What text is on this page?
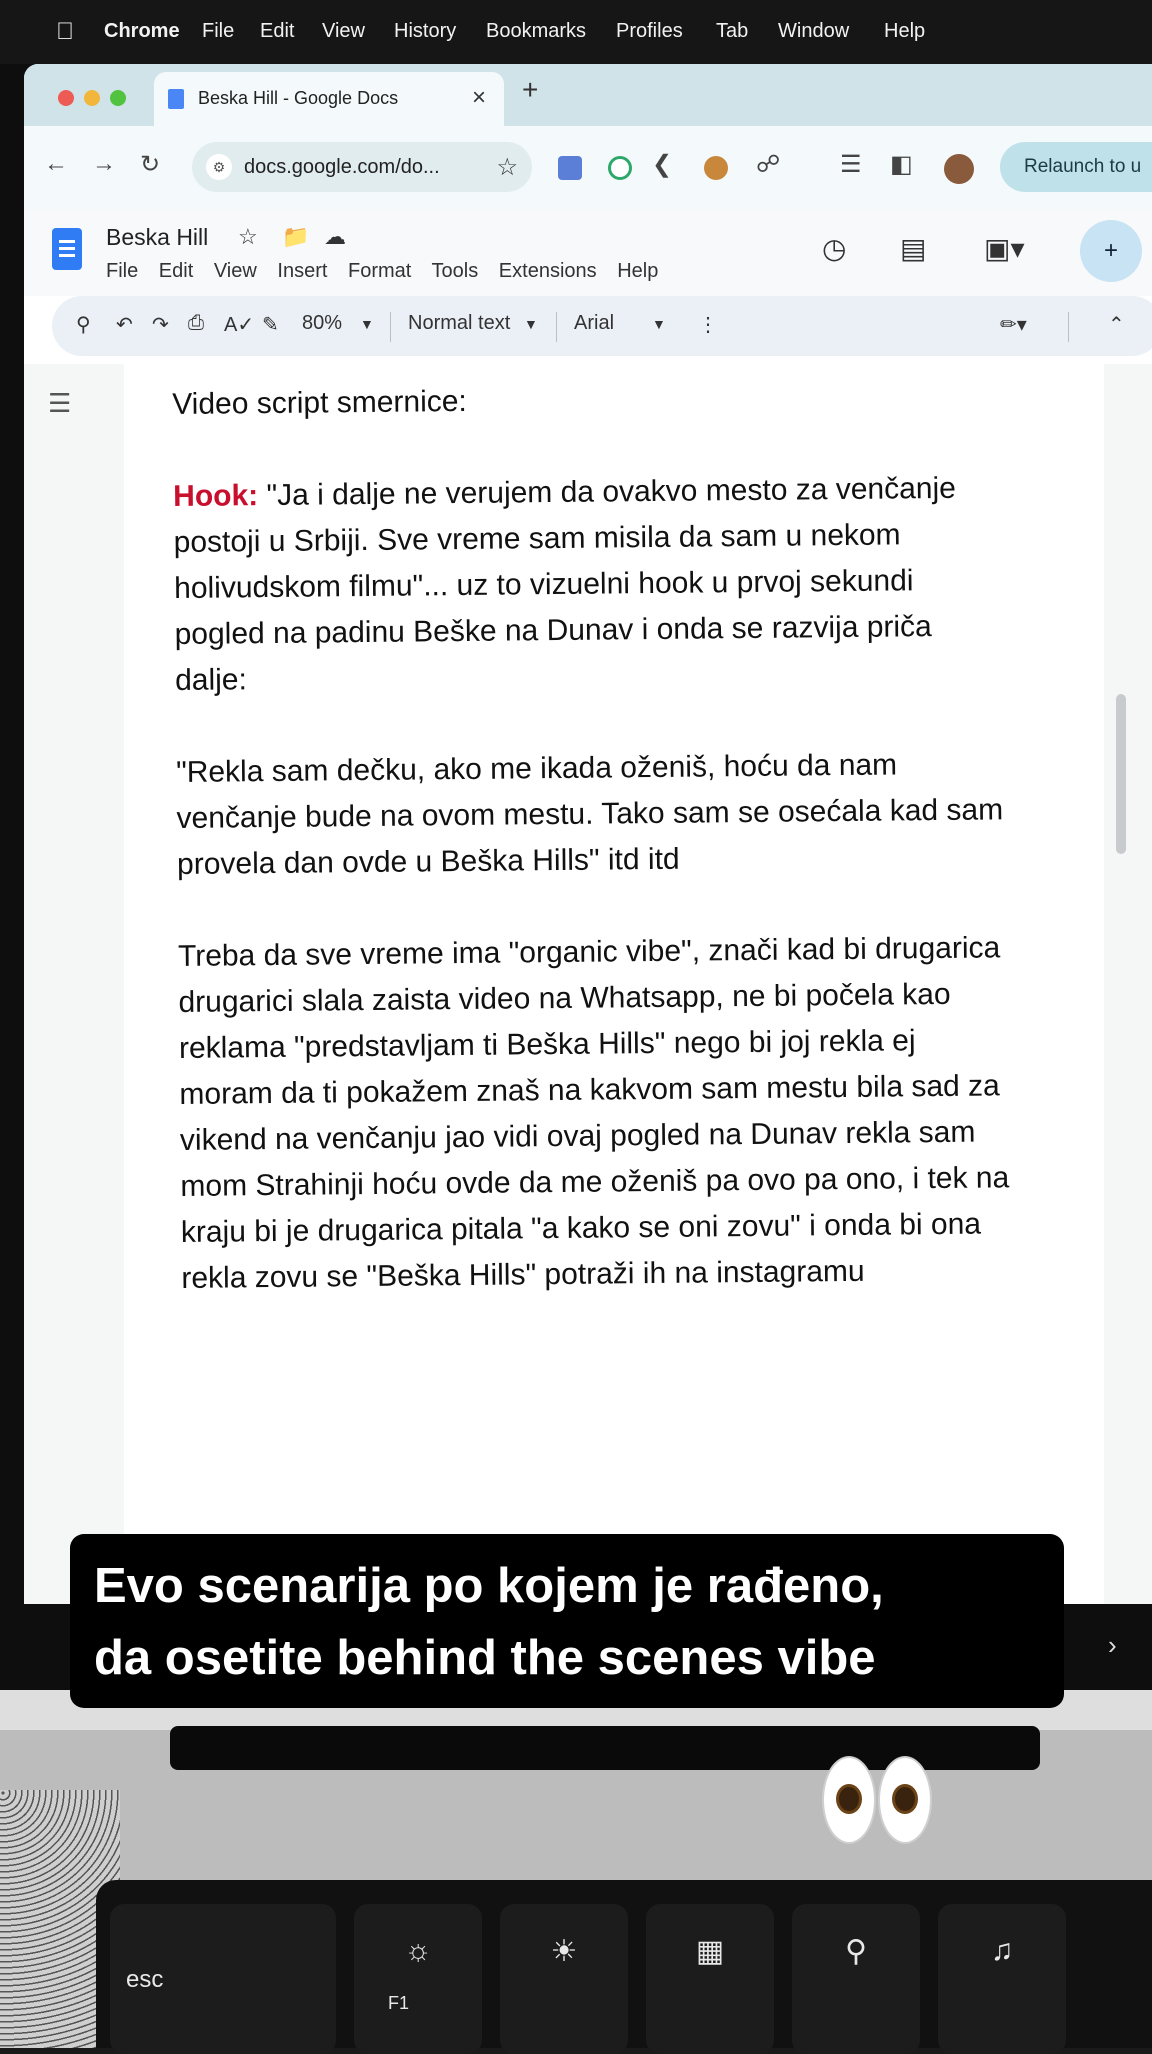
Chrome File Edit View History Bookmarks Profiles Tab Window Help
Beska Hill - Google Docs	× +
← → ↻	⚙ docs.google.com/do... ☆	❮	☍ ☰ ◧	Relaunch to u
Beska Hill ☆ 📁 ☁
File Edit View Insert Format Tools Extensions Help
◷ ▤ ▣▾	+
⚲ ↶ ↷ ⎙ A✓ ✎ 80% ▼ Normal text ▼ Arial	▼ ⋮	✏▾	⌃
☰	Video script smernice:

Hook: "Ja i dalje ne verujem da ovakvo mesto za venčanje postoji u Srbiji. Sve vreme sam misila da sam u nekom holivudskom filmu"... uz to vizuelni hook u prvoj sekundi pogled na padinu Beške na Dunav i onda se razvija priča dalje:

"Rekla sam dečku, ako me ikada oženiš, hoću da nam venčanje bude na ovom mestu. Tako sam se osećala kad sam provela dan ovde u Beška Hills" itd itd

Treba da sve vreme ima "organic vibe", znači kad bi drugarica drugarici slala zaista video na Whatsapp, ne bi počela kao reklama "predstavljam ti Beška Hills" nego bi joj rekla ej moram da ti pokažem znaš na kakvom sam mestu bila sad za vikend na venčanju jao vidi ovaj pogled na Dunav rekla sam mom Strahinji hoću ovde da me oženiš pa ovo pa ono, i tek na kraju bi je drugarica pitala "a kako se oni zovu" i onda bi ona rekla zovu se "Beška Hills" potraži ih na instagramu

esc
☼
F1
☀	▦	⚲	♫
Evo scenarija po kojem je rađeno,
da osetite behind the scenes vibe	›
